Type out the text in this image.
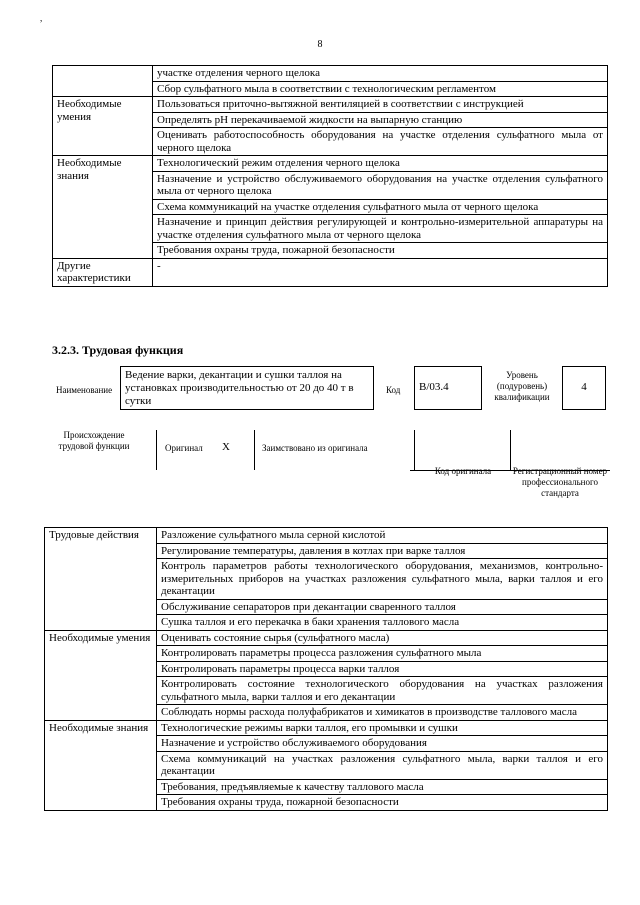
,
8
	участке отделения черного щелока
	Сбор сульфатного мыла в соответствии с технологическим регламентом
Необходимые умения	Пользоваться приточно-вытяжной вентиляцией в соответствии с инструкцией
	Определять рН перекачиваемой жидкости на выпарную станцию
	Оценивать работоспособность оборудования на участке отделения сульфатного мыла от черного щелока
Необходимые знания	Технологический режим отделения черного щелока
	Назначение и устройство обслуживаемого оборудования на участке отделения сульфатного мыла от черного щелока
	Схема коммуникаций на участке отделения сульфатного мыла от черного щелока
	Назначение и принцип действия регулирующей и контрольно-измерительной аппаратуры на участке отделения сульфатного мыла от черного щелока
	Требования охраны труда, пожарной безопасности
Другие характеристики	-
3.2.3. Трудовая функция
Наименование
Ведение варки, декантации и сушки таллоя на установках производительностью от 20 до 40 т в сутки
Код	B/03.4
Уровень (подуровень) квалификации
4
Происхождение трудовой функции	Оригинал X	Заимствовано из оригинала
Код оригинала	Регистрационный номер профессионального стандарта
Трудовые действия	Разложение сульфатного мыла серной кислотой
	Регулирование температуры, давления в котлах при варке таллоя
	Контроль параметров работы технологического оборудования, механизмов, контрольно-измерительных приборов на участках разложения сульфатного мыла, варки таллоя и его декантации
	Обслуживание сепараторов при декантации сваренного таллоя
	Сушка таллоя и его перекачка в баки хранения таллового масла
Необходимые умения	Оценивать состояние сырья (сульфатного масла)
	Контролировать параметры процесса разложения сульфатного мыла
	Контролировать параметры процесса варки таллоя
	Контролировать состояние технологического оборудования на участках разложения сульфатного мыла, варки таллоя и его декантации
	Соблюдать нормы расхода полуфабрикатов и химикатов в производстве таллового масла
Необходимые знания	Технологические режимы варки таллоя, его промывки и сушки
	Назначение и устройство обслуживаемого оборудования
	Схема коммуникаций на участках разложения сульфатного мыла, варки таллоя и его декантации
	Требования, предъявляемые к качеству таллового масла
	Требования охраны труда, пожарной безопасности
